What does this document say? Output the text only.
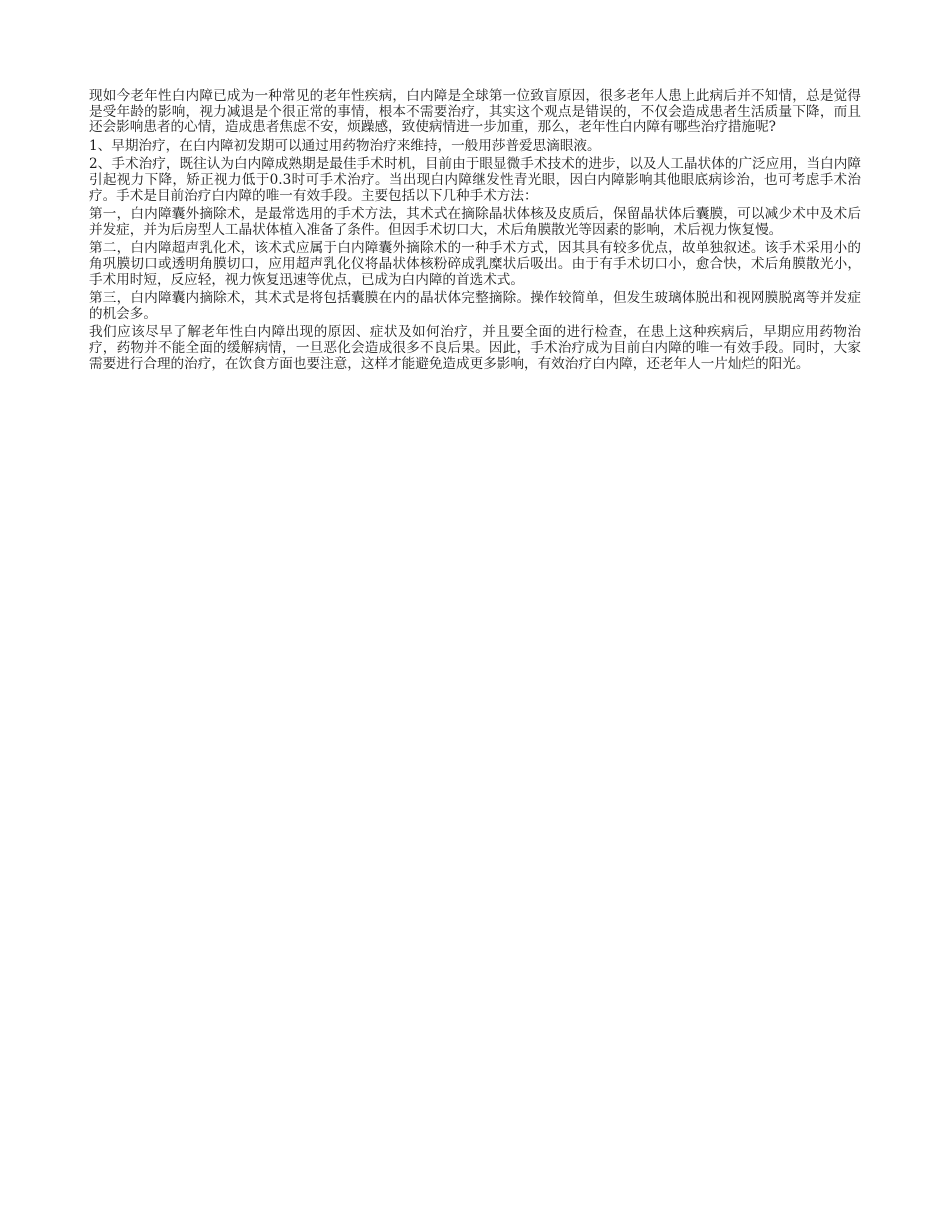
现如今老年性白内障已成为一种常见的老年性疾病，白内障是全球第一位致盲原因，很多老年人患上此病后并不知情，总是觉得是受年龄的影响，视力减退是个很正常的事情，根本不需要治疗，其实这个观点是错误的，不仅会造成患者生活质量下降，而且还会影响患者的心情，造成患者焦虑不安，烦躁感，致使病情进一步加重，那么，老年性白内障有哪些治疗措施呢?

1、早期治疗，在白内障初发期可以通过用药物治疗来维持，一般用莎普爱思滴眼液。

2、手术治疗，既往认为白内障成熟期是最佳手术时机，目前由于眼显微手术技术的进步，以及人工晶状体的广泛应用，当白内障引起视力下降，矫正视力低于0.3时可手术治疗。当出现白内障继发性青光眼，因白内障影响其他眼底病诊治，也可考虑手术治疗。手术是目前治疗白内障的唯一有效手段。主要包括以下几种手术方法：

第一，白内障囊外摘除术，是最常选用的手术方法，其术式在摘除晶状体核及皮质后，保留晶状体后囊膜，可以减少术中及术后并发症，并为后房型人工晶状体植入准备了条件。但因手术切口大，术后角膜散光等因素的影响，术后视力恢复慢。

第二，白内障超声乳化术，该术式应属于白内障囊外摘除术的一种手术方式，因其具有较多优点，故单独叙述。该手术采用小的角巩膜切口或透明角膜切口，应用超声乳化仪将晶状体核粉碎成乳糜状后吸出。由于有手术切口小，愈合快，术后角膜散光小，手术用时短，反应轻，视力恢复迅速等优点，已成为白内障的首选术式。

第三，白内障囊内摘除术，其术式是将包括囊膜在内的晶状体完整摘除。操作较简单，但发生玻璃体脱出和视网膜脱离等并发症的机会多。

我们应该尽早了解老年性白内障出现的原因、症状及如何治疗，并且要全面的进行检查，在患上这种疾病后，早期应用药物治疗，药物并不能全面的缓解病情，一旦恶化会造成很多不良后果。因此，手术治疗成为目前白内障的唯一有效手段。同时，大家需要进行合理的治疗，在饮食方面也要注意，这样才能避免造成更多影响，有效治疗白内障，还老年人一片灿烂的阳光。
